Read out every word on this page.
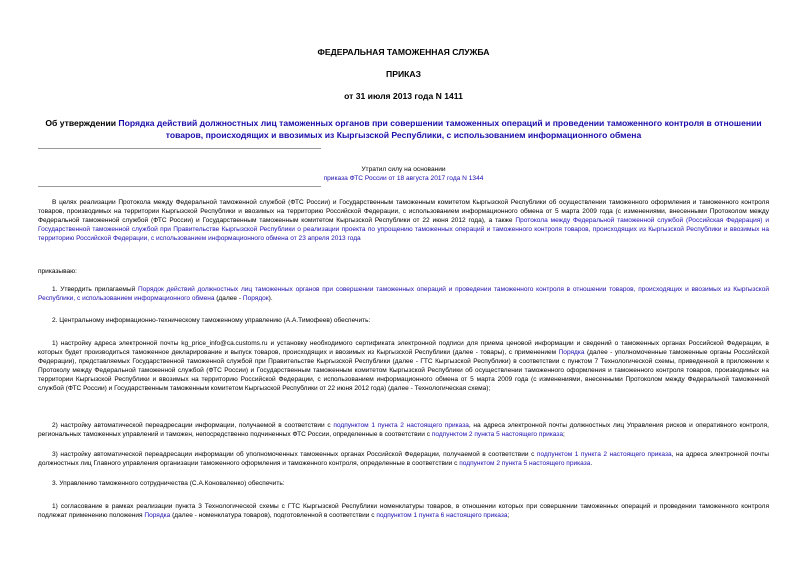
ФЕДЕРАЛЬНАЯ ТАМОЖЕННАЯ СЛУЖБА
ПРИКАЗ
от 31 июля 2013 года N 1411
Об утверждении Порядка действий должностных лиц таможенных органов при совершении таможенных операций и проведении таможенного контроля в отношении товаров, происходящих и ввозимых из Кыргызской Республики, с использованием информационного обмена
Утратил силу на основании
приказа ФТС России от 18 августа 2017 года N 1344

В целях реализации Протокола между Федеральной таможенной службой (ФТС России) и Государственным таможенным комитетом Кыргызской Республики об осуществлении таможенного оформления и таможенного контроля товаров, производимых на территории Кыргызской Республики и ввозимых на территорию Российской Федерации, с использованием информационного обмена от 5 марта 2009 года (с изменениями, внесенными Протоколом между Федеральной таможенной службой (ФТС России) и Государственным таможенным комитетом Кыргызской Республики от 22 июня 2012 года), а также Протокола между Федеральной таможенной службой (Российская Федерация) и Государственной таможенной службой при Правительстве Кыргызской Республики о реализации проекта по упрощению таможенных операций и таможенного контроля товаров, происходящих из Кыргызской Республики и ввозимых на территорию Российской Федерации, с использованием информационного обмена от 23 апреля 2013 года

приказываю:

1. Утвердить прилагаемый Порядок действий должностных лиц таможенных органов при совершении таможенных операций и проведении таможенного контроля в отношении товаров, происходящих и ввозимых из Кыргызской Республики, с использованием информационного обмена (далее - Порядок).

2. Центральному информационно-техническому таможенному управлению (А.А.Тимофеев) обеспечить:

1) настройку адреса электронной почты kg_price_info@ca.customs.ru и установку необходимого сертификата электронной подписи для приема ценовой информации и сведений о таможенных органах Российской Федерации, в которых будет производиться таможенное декларирование и выпуск товаров, происходящих и ввозимых из Кыргызской Республики (далее - товары), с применением Порядка (далее - уполномоченные таможенные органы Российской Федерации), представляемых Государственной таможенной службой при Правительстве Кыргызской Республики (далее - ГТС Кыргызской Республики) в соответствии с пунктом 7 Технологической схемы, приведенной в приложении к Протоколу между Федеральной таможенной службой (ФТС России) и Государственным таможенным комитетом Кыргызской Республики об осуществлении таможенного оформления и таможенного контроля товаров, производимых на территории Кыргызской Республики и ввозимых на территорию Российской Федерации, с использованием информационного обмена от 5 марта 2009 года (с изменениями, внесенными Протоколом между Федеральной таможенной службой (ФТС России) и Государственным таможенным комитетом Кыргызской Республики от 22 июня 2012 года) (далее - Технологическая схема);

2) настройку автоматической переадресации информации, получаемой в соответствии с подпунктом 1 пункта 2 настоящего приказа, на адреса электронной почты должностных лиц Управления рисков и оперативного контроля, региональных таможенных управлений и таможен, непосредственно подчиненных ФТС России, определенные в соответствии с подпунктом 2 пункта 5 настоящего приказа;

3) настройку автоматической переадресации информации об уполномоченных таможенных органах Российской Федерации, получаемой в соответствии с подпунктом 1 пункта 2 настоящего приказа, на адреса электронной почты должностных лиц Главного управления организации таможенного оформления и таможенного контроля, определенные в соответствии с подпунктом 2 пункта 5 настоящего приказа.

3. Управлению таможенного сотрудничества (С.А.Коноваленко) обеспечить:

1) согласование в рамках реализации пункта 3 Технологической схемы с ГТС Кыргызской Республики номенклатуры товаров, в отношении которых при совершении таможенных операций и проведении таможенного контроля подлежат применению положения Порядка (далее - номенклатура товаров), подготовленной в соответствии с подпунктом 1 пункта 6 настоящего приказа;
